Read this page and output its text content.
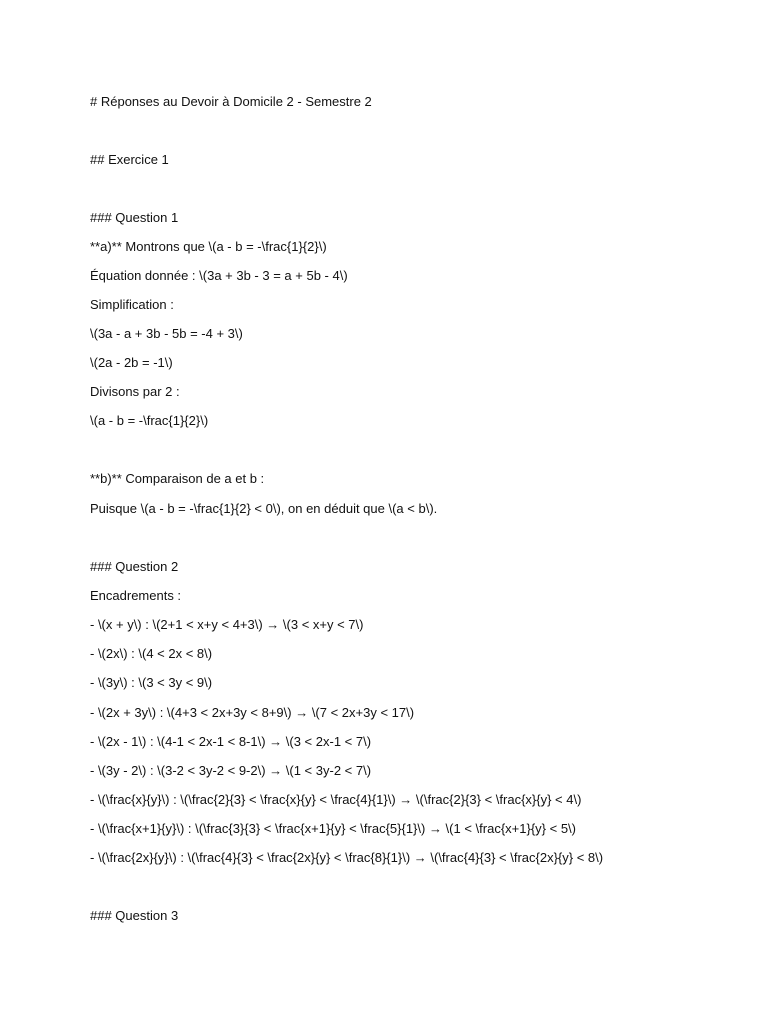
# Réponses au Devoir à Domicile 2 - Semestre 2
## Exercice 1
### Question 1
**a)** Montrons que \(a - b = -\frac{1}{2}\)
Équation donnée : \(3a + 3b - 3 = a + 5b - 4\)
Simplification :
\(3a - a + 3b - 5b = -4 + 3\)
\(2a - 2b = -1\)
Divisons par 2 :
\(a - b = -\frac{1}{2}\)
**b)** Comparaison de a et b :
Puisque \(a - b = -\frac{1}{2} < 0\), on en déduit que \(a < b\).
### Question 2
Encadrements :
- \(x + y\) : \(2+1 < x+y < 4+3\) → \(3 < x+y < 7\)
- \(2x\) : \(4 < 2x < 8\)
- \(3y\) : \(3 < 3y < 9\)
- \(2x + 3y\) : \(4+3 < 2x+3y < 8+9\) → \(7 < 2x+3y < 17\)
- \(2x - 1\) : \(4-1 < 2x-1 < 8-1\) → \(3 < 2x-1 < 7\)
- \(3y - 2\) : \(3-2 < 3y-2 < 9-2\) → \(1 < 3y-2 < 7\)
- \(\frac{x}{y}\) : \(\frac{2}{3} < \frac{x}{y} < \frac{4}{1}\) → \(\frac{2}{3} < \frac{x}{y} < 4\)
- \(\frac{x+1}{y}\) : \(\frac{3}{3} < \frac{x+1}{y} < \frac{5}{1}\) → \(1 < \frac{x+1}{y} < 5\)
- \(\frac{2x}{y}\) : \(\frac{4}{3} < \frac{2x}{y} < \frac{8}{1}\) → \(\frac{4}{3} < \frac{2x}{y} < 8\)
### Question 3
